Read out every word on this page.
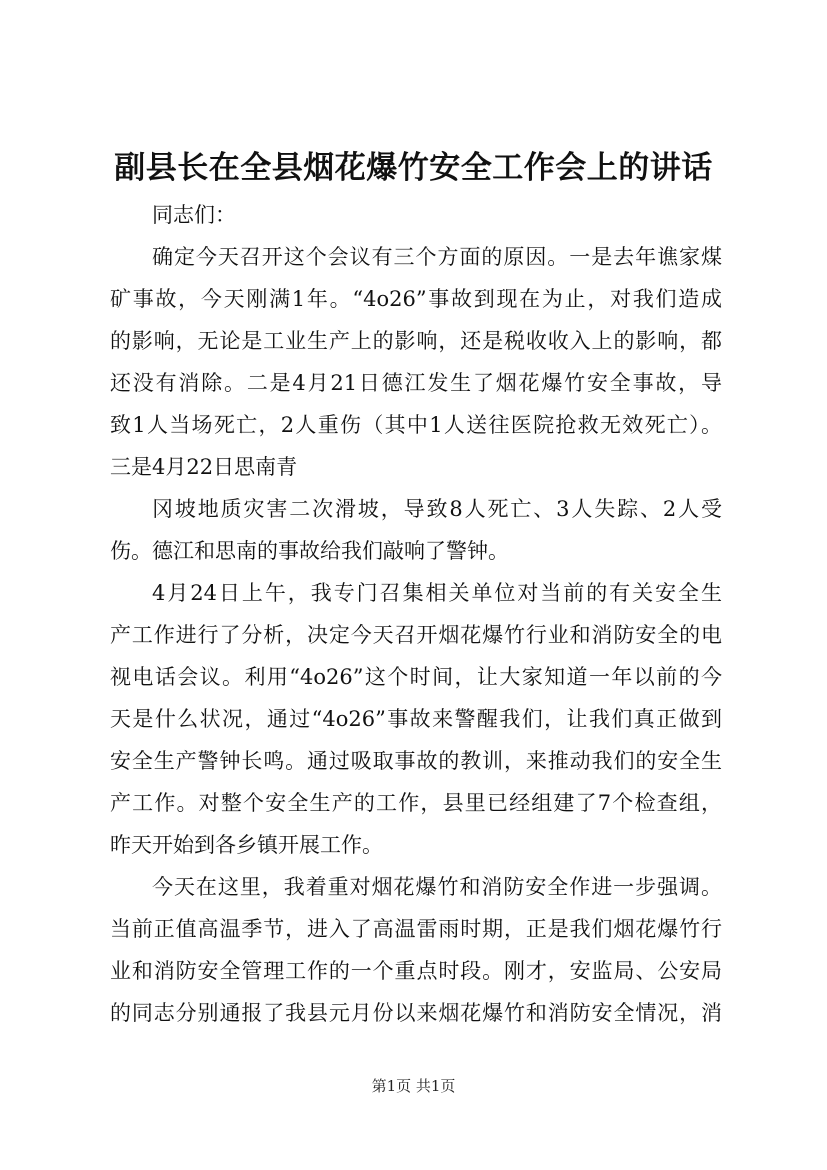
副县长在全县烟花爆竹安全工作会上的讲话
同志们：
确定今天召开这个会议有三个方面的原因。一是去年谯家煤
矿事故，今天刚满1年。“4o26”事故到现在为止，对我们造成
的影响，无论是工业生产上的影响，还是税收收入上的影响，都
还没有消除。二是4月21日德江发生了烟花爆竹安全事故，导
致1人当场死亡，2人重伤（其中1人送往医院抢救无效死亡）。
三是4月22日思南青
冈坡地质灾害二次滑坡，导致8人死亡、3人失踪、2人受
伤。德江和思南的事故给我们敲响了警钟。
4月24日上午，我专门召集相关单位对当前的有关安全生
产工作进行了分析，决定今天召开烟花爆竹行业和消防安全的电
视电话会议。利用“4o26”这个时间，让大家知道一年以前的今
天是什么状况，通过“4o26”事故来警醒我们，让我们真正做到
安全生产警钟长鸣。通过吸取事故的教训，来推动我们的安全生
产工作。对整个安全生产的工作，县里已经组建了7个检查组，
昨天开始到各乡镇开展工作。
今天在这里，我着重对烟花爆竹和消防安全作进一步强调。
当前正值高温季节，进入了高温雷雨时期，正是我们烟花爆竹行
业和消防安全管理工作的一个重点时段。刚才，安监局、公安局
的同志分别通报了我县元月份以来烟花爆竹和消防安全情况，消
第1页 共1页
